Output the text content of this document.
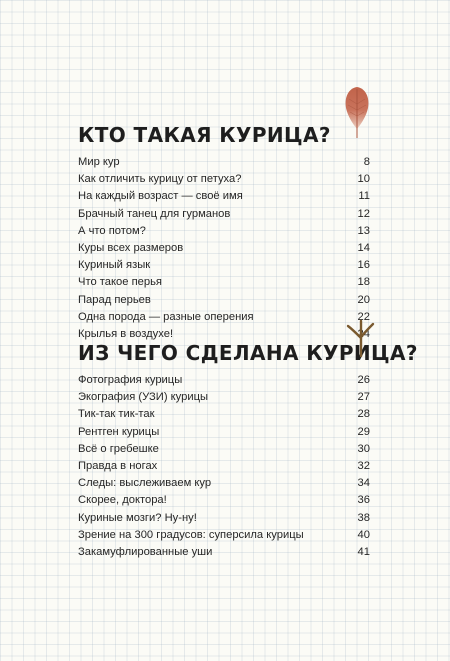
КТО ТАКАЯ КУРИЦА?
Мир кур	8
Как отличить курицу от петуха?	10
На каждый возраст — своё имя	11
Брачный танец для гурманов	12
А что потом?	13
Куры всех размеров	14
Куриный язык	16
Что такое перья	18
Парад перьев	20
Одна порода — разные оперения	22
Крылья в воздухе!	24
ИЗ ЧЕГО СДЕЛАНА КУРИЦА?
Фотография курицы	26
Экография (УЗИ) курицы	27
Тик-так тик-так	28
Рентген курицы	29
Всё о гребешке	30
Правда в ногах	32
Следы: выслеживаем кур	34
Скорее, доктора!	36
Куриные мозги? Ну-ну!	38
Зрение на 300 градусов: суперсила курицы	40
Закамуфлированные уши	41
